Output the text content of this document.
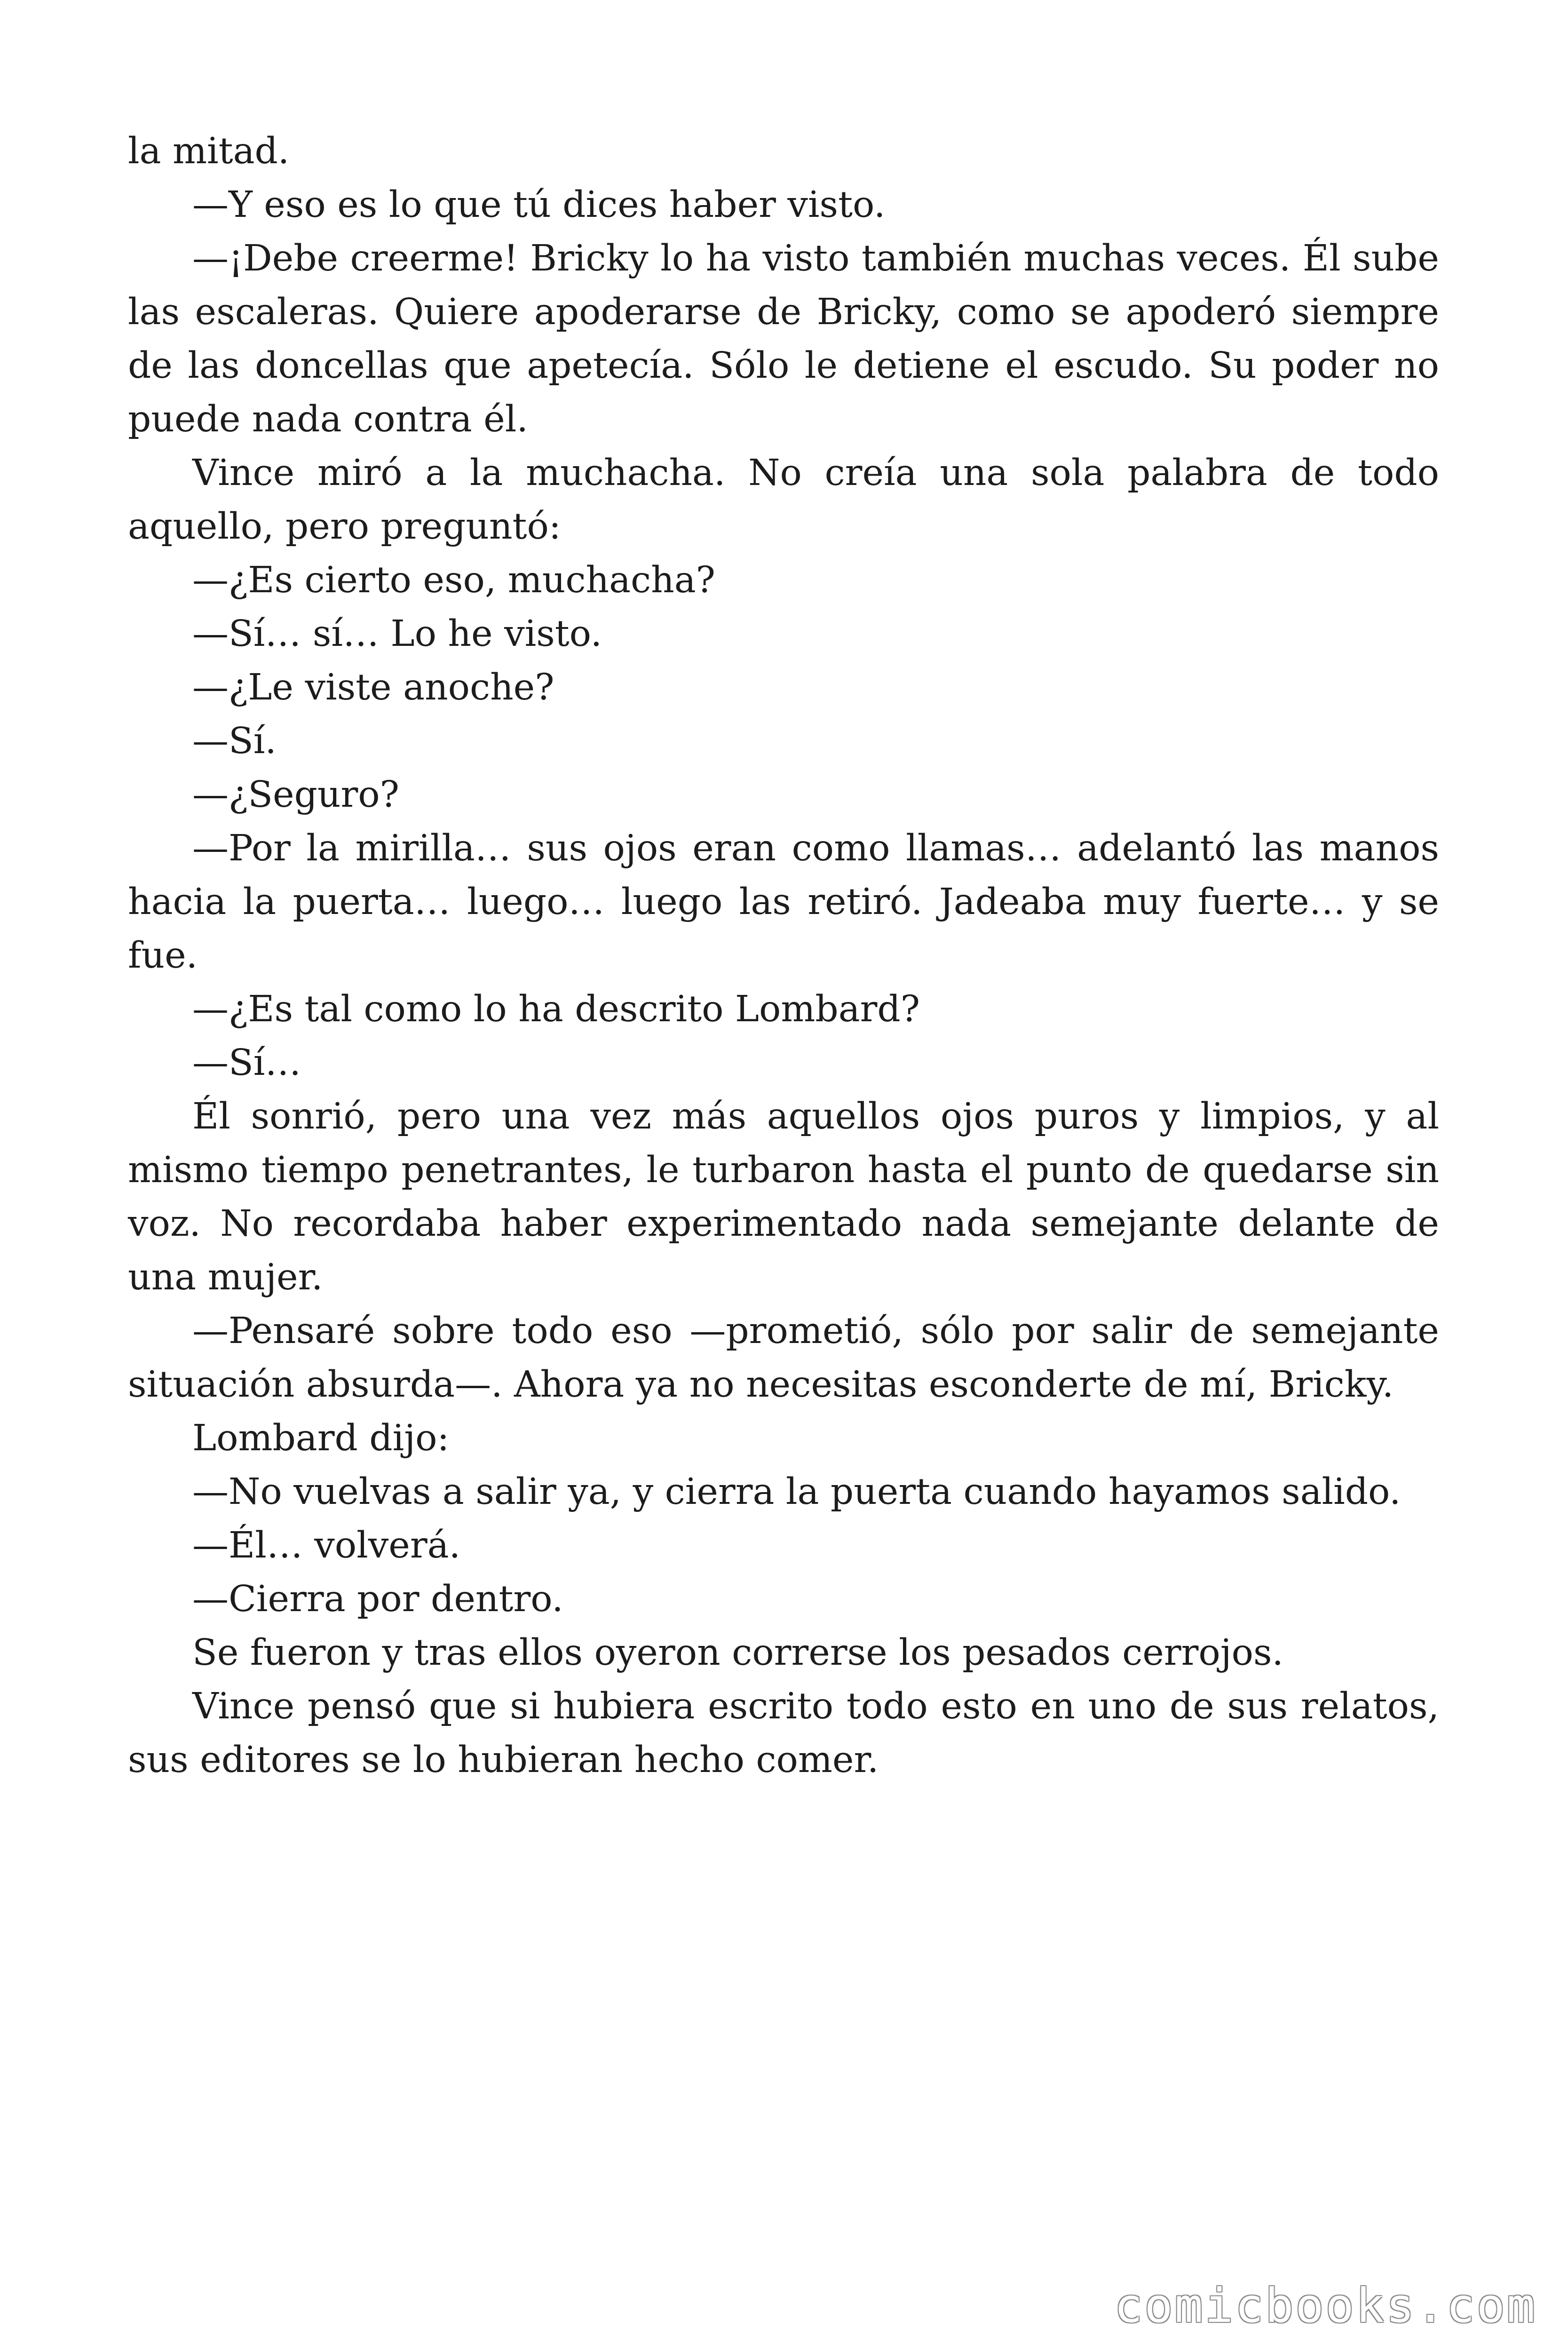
la mitad.

—Y eso es lo que tú dices haber visto.

—¡Debe creerme! Bricky lo ha visto también muchas veces. Él sube las escaleras. Quiere apoderarse de Bricky, como se apoderó siempre de las doncellas que apetecía. Sólo le detiene el escudo. Su poder no puede nada contra él.

Vince miró a la muchacha. No creía una sola palabra de todo aquello, pero preguntó:

—¿Es cierto eso, muchacha?

—Sí… sí… Lo he visto.

—¿Le viste anoche?

—Sí.

—¿Seguro?

—Por la mirilla… sus ojos eran como llamas… adelantó las manos hacia la puerta… luego… luego las retiró. Jadeaba muy fuerte… y se fue.

—¿Es tal como lo ha descrito Lombard?

—Sí…

Él sonrió, pero una vez más aquellos ojos puros y limpios, y al mismo tiempo penetrantes, le turbaron hasta el punto de quedarse sin voz. No recordaba haber experimentado nada semejante delante de una mujer.

—Pensaré sobre todo eso —prometió, sólo por salir de semejante situación absurda—. Ahora ya no necesitas esconderte de mí, Bricky.

Lombard dijo:

—No vuelvas a salir ya, y cierra la puerta cuando hayamos salido.

—Él… volverá.

—Cierra por dentro.

Se fueron y tras ellos oyeron correrse los pesados cerrojos.

Vince pensó que si hubiera escrito todo esto en uno de sus relatos, sus editores se lo hubieran hecho comer.

comicbooks.com
